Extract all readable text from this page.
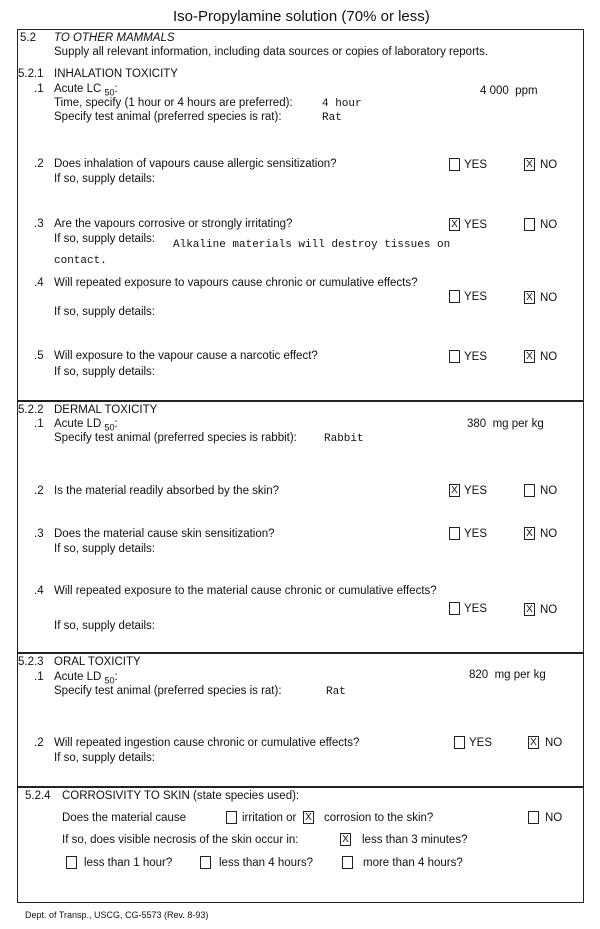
Iso-Propylamine solution (70% or less)
5.2 TO OTHER MAMMALS
Supply all relevant information, including data sources or copies of laboratory reports.
5.2.1 INHALATION TOXICITY
.1 Acute LC $_{50}$:	4 000 ppm
Time, specify (1 hour or 4 hours are preferred):	4 hour
Specify test animal (preferred species is rat):	Rat
.2 Does inhalation of vapours cause allergic sensitization?
If so, supply details:
YES	X NO
.3 Are the vapours corrosive or strongly irritating?
If so, supply details: Alkaline materials will destroy tissues on
contact.
X YES	NO
.4 Will repeated exposure to vapours cause chronic or cumulative effects?
If so, supply details:
YES	X NO
.5 Will exposure to the vapour cause a narcotic effect?
If so, supply details:
YES	X NO
5.2.2 DERMAL TOXICITY
.1 Acute LD $_{50}$:	380 mg per kg
Specify test animal (preferred species is rabbit): Rabbit
.2 Is the material readily absorbed by the skin?	X YES	NO
.3 Does the material cause skin sensitization?
If so, supply details:
YES	X NO
.4 Will repeated exposure to the material cause chronic or cumulative effects?
If so, supply details:
YES	X NO
5.2.3 ORAL TOXICITY
.1 Acute LD $_{50}$:	820 mg per kg
Specify test animal (preferred species is rat):	Rat
.2 Will repeated ingestion cause chronic or cumulative effects?
If so, supply details:
YES	X NO
5.2.4 CORROSIVITY TO SKIN (state species used):
Does the material cause	irritation or X corrosion to the skin?	NO
If so, does visible necrosis of the skin occur in:	X less than 3 minutes?
less than 1 hour?	less than 4 hours?	more than 4 hours?
Dept. of Transp., USCG, CG-5573 (Rev. 8-93)
